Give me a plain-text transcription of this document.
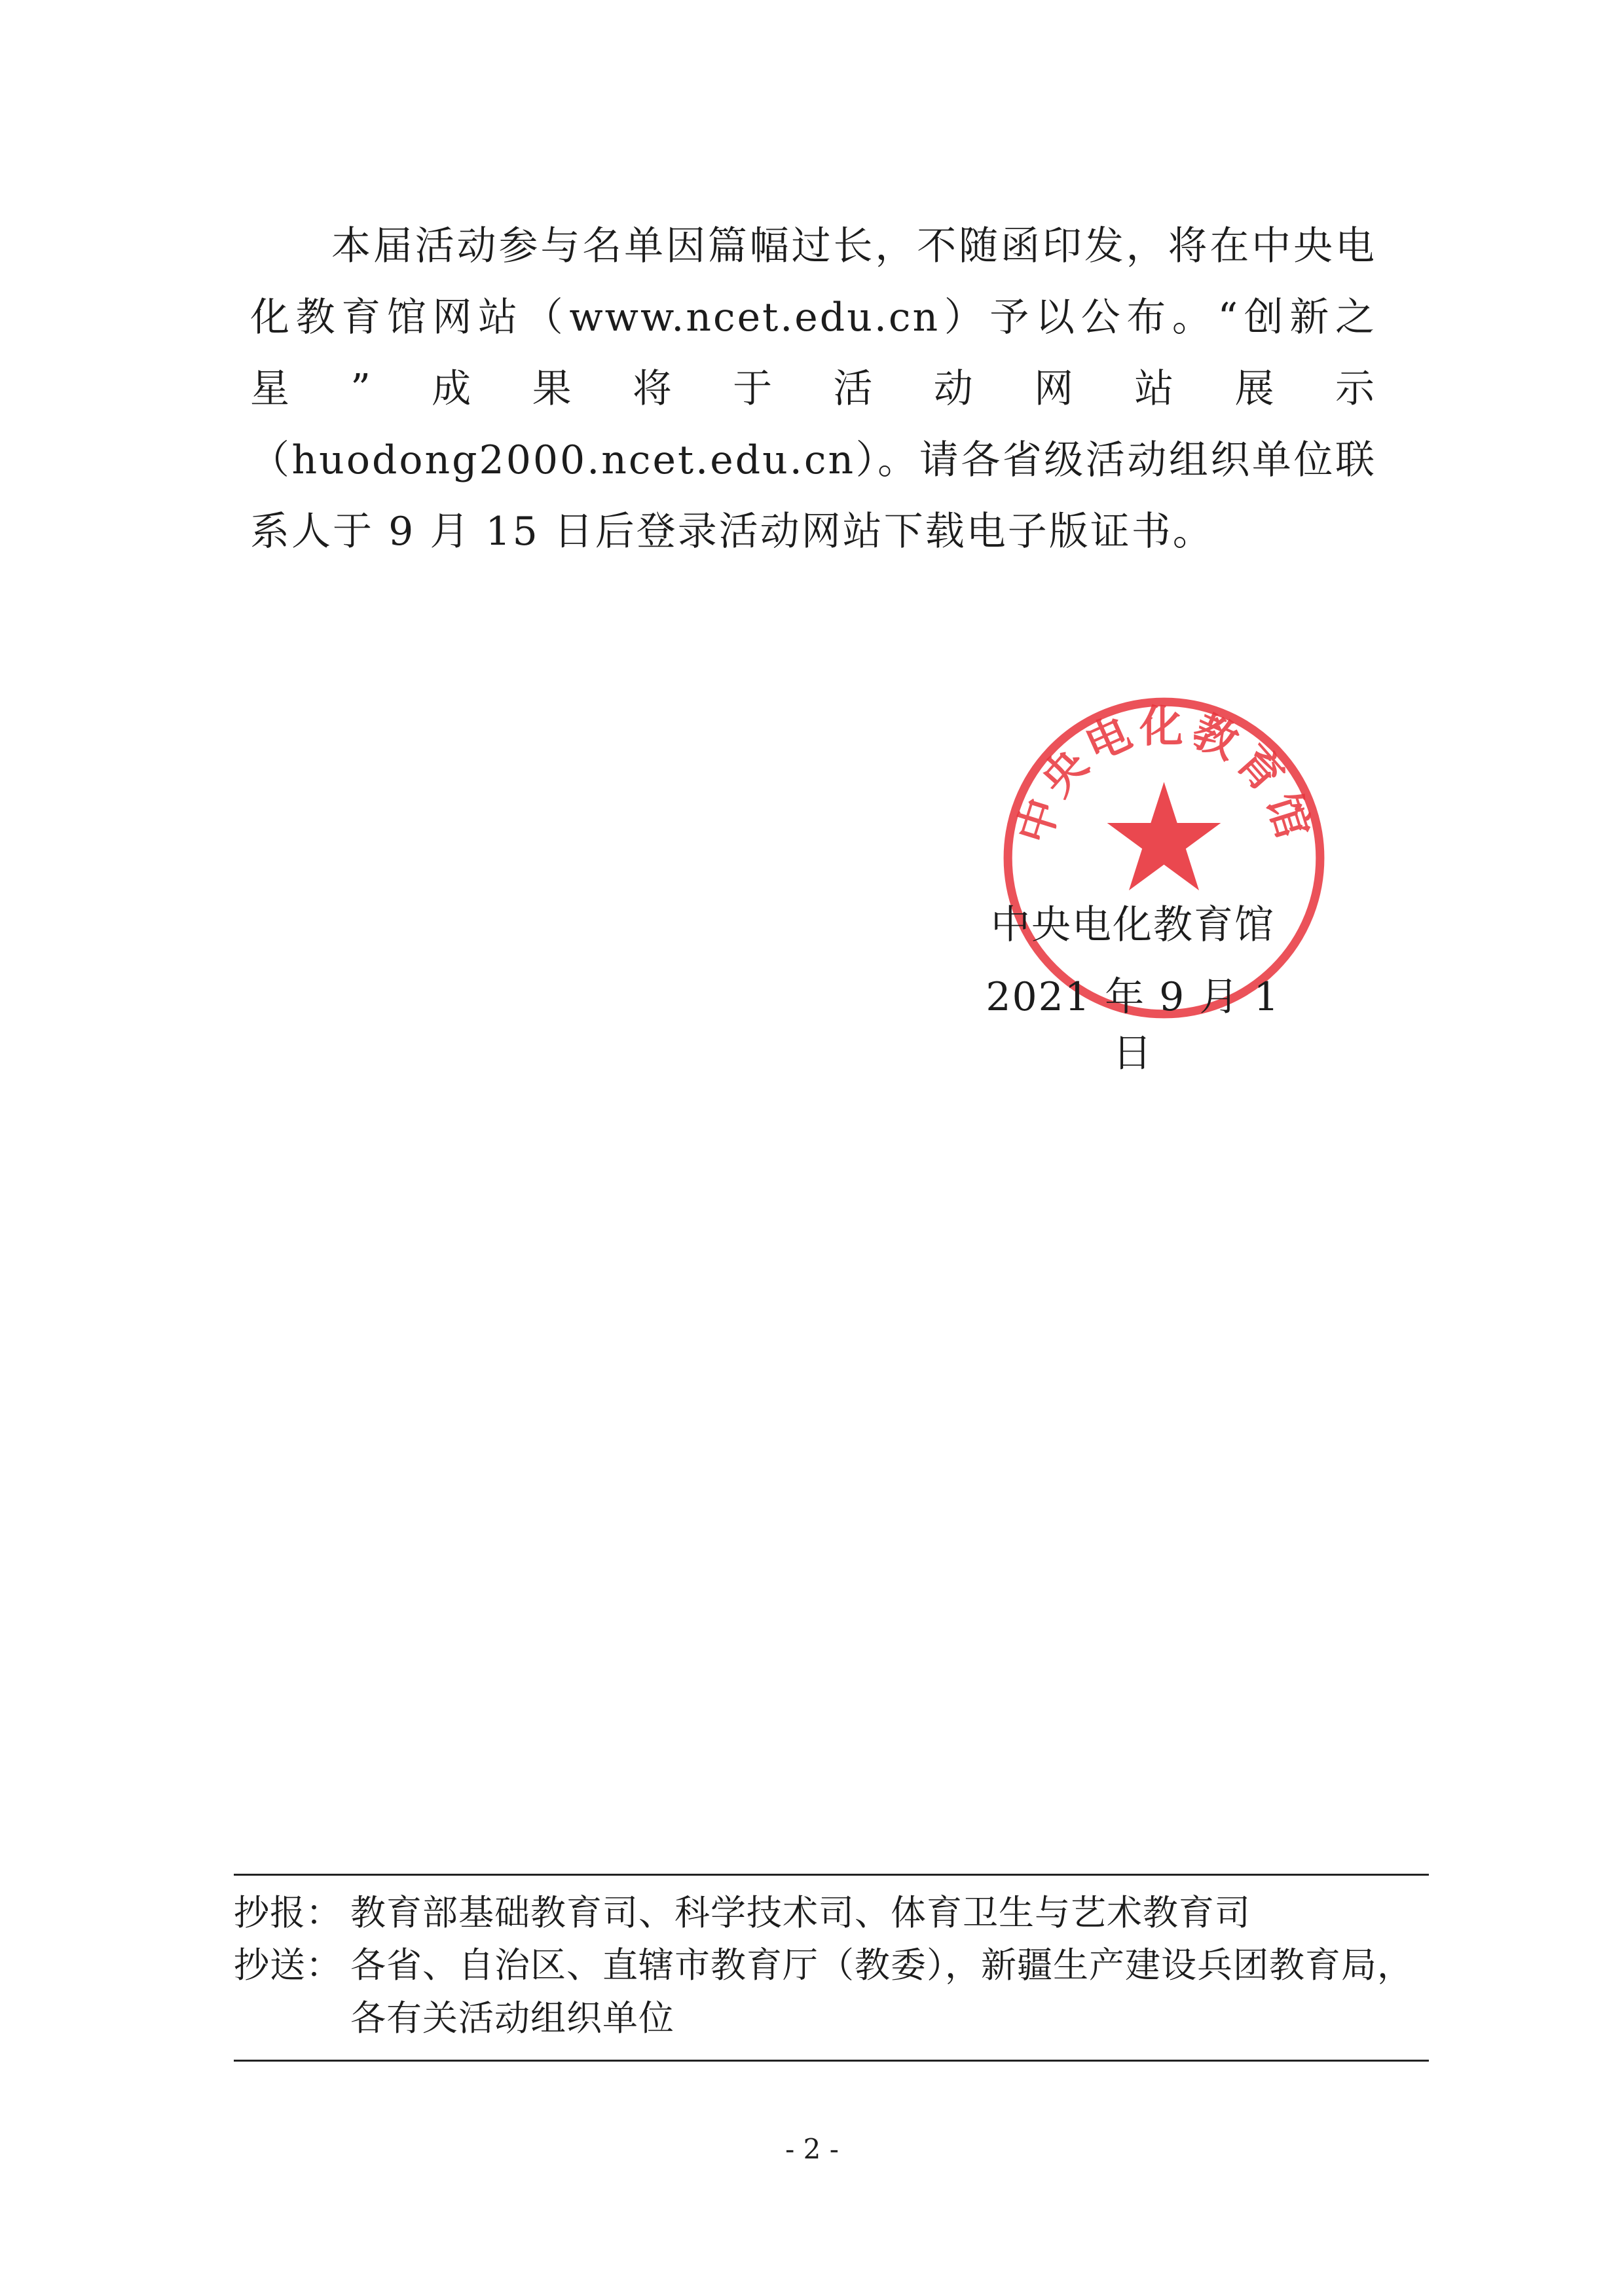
本届活动参与名单因篇幅过长，不随函印发，将在中央电化教育馆网站（www.ncet.edu.cn）予以公布。“创新之星”成果将于活动网站展示（huodong2000.ncet.edu.cn）。请各省级活动组织单位联系人于 9 月 15 日后登录活动网站下载电子版证书。

中央电化教育馆
中央电化教育馆
2021 年 9 月 1 日
抄报： 教育部基础教育司、科学技术司、体育卫生与艺术教育司
抄送： 各省、自治区、直辖市教育厅（教委），新疆生产建设兵团教育局，
各有关活动组织单位
- 2 -
